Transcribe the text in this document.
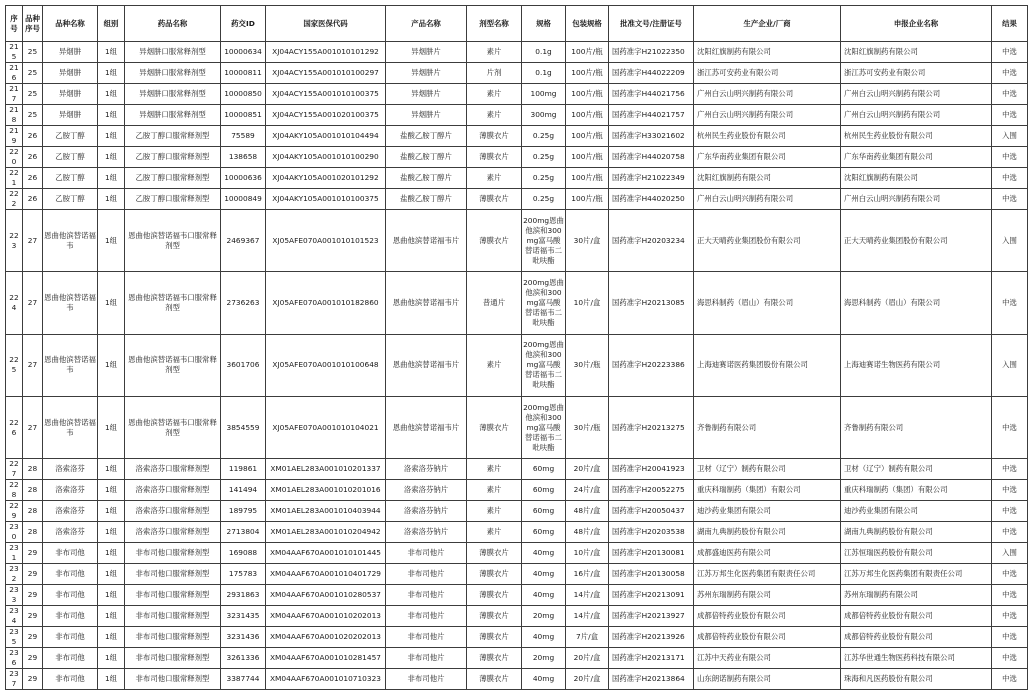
序号	品种序号	品种名称	组别	药品名称	药交ID	国家医保代码	产品名称	剂型名称	规格	包装规格	批准文号/注册证号	生产企业/厂商	申报企业名称	结果
215	25	异烟肼	1组	异烟肼口服常释剂型	10000634	XJ04ACY155A001010101292	异烟肼片	素片	0.1g	100片/瓶	国药准字H21022350	沈阳红旗制药有限公司	沈阳红旗制药有限公司	中选
216	25	异烟肼	1组	异烟肼口服常释剂型	10000811	XJ04ACY155A001010100297	异烟肼片	片剂	0.1g	100片/瓶	国药准字H44022209	浙江苏可安药业有限公司	浙江苏可安药业有限公司	中选
217	25	异烟肼	1组	异烟肼口服常释剂型	10000850	XJ04ACY155A001010100375	异烟肼片	素片	100mg	100片/瓶	国药准字H44021756	广州白云山明兴制药有限公司	广州白云山明兴制药有限公司	中选
218	25	异烟肼	1组	异烟肼口服常释剂型	10000851	XJ04ACY155A001020100375	异烟肼片	素片	300mg	100片/瓶	国药准字H44021757	广州白云山明兴制药有限公司	广州白云山明兴制药有限公司	中选
219	26	乙胺丁醇	1组	乙胺丁醇口服常释剂型	75589	XJ04AKY105A001010104494	盐酸乙胺丁醇片	薄膜衣片	0.25g	100片/瓶	国药准字H33021602	杭州民生药业股份有限公司	杭州民生药业股份有限公司	入围
220	26	乙胺丁醇	1组	乙胺丁醇口服常释剂型	138658	XJ04AKY105A001010100290	盐酸乙胺丁醇片	薄膜衣片	0.25g	100片/瓶	国药准字H44020758	广东华南药业集团有限公司	广东华南药业集团有限公司	中选
221	26	乙胺丁醇	1组	乙胺丁醇口服常释剂型	10000636	XJ04AKY105A001020101292	盐酸乙胺丁醇片	素片	0.25g	100片/瓶	国药准字H21022349	沈阳红旗制药有限公司	沈阳红旗制药有限公司	中选
222	26	乙胺丁醇	1组	乙胺丁醇口服常释剂型	10000849	XJ04AKY105A001010100375	盐酸乙胺丁醇片	薄膜衣片	0.25g	100片/瓶	国药准字H44020250	广州白云山明兴制药有限公司	广州白云山明兴制药有限公司	中选
223	27	恩曲他滨替诺福韦	1组	恩曲他滨替诺福韦口服常释剂型	2469367	XJ05AFE070A001010101523	恩曲他滨替诺福韦片	薄膜衣片	200mg恩曲他滨和300mg富马酸替诺福韦二吡呋酯	30片/盒	国药准字H20203234	正大天晴药业集团股份有限公司	正大天晴药业集团股份有限公司	入围
224	27	恩曲他滨替诺福韦	1组	恩曲他滨替诺福韦口服常释剂型	2736263	XJ05AFE070A001010182860	恩曲他滨替诺福韦片	普通片	200mg恩曲他滨和300mg富马酸替诺福韦二吡呋酯	10片/盒	国药准字H20213085	海思科制药（眉山）有限公司	海思科制药（眉山）有限公司	中选
225	27	恩曲他滨替诺福韦	1组	恩曲他滨替诺福韦口服常释剂型	3601706	XJ05AFE070A001010100648	恩曲他滨替诺福韦片	素片	200mg恩曲他滨和300mg富马酸替诺福韦二吡呋酯	30片/瓶	国药准字H20223386	上海迪赛诺医药集团股份有限公司	上海迪赛诺生物医药有限公司	入围
226	27	恩曲他滨替诺福韦	1组	恩曲他滨替诺福韦口服常释剂型	3854559	XJ05AFE070A001010104021	恩曲他滨替诺福韦片	薄膜衣片	200mg恩曲他滨和300mg富马酸替诺福韦二吡呋酯	30片/瓶	国药准字H20213275	齐鲁制药有限公司	齐鲁制药有限公司	中选
227	28	洛索洛芬	1组	洛索洛芬口服常释剂型	119861	XM01AEL283A001010201337	洛索洛芬钠片	素片	60mg	20片/盒	国药准字H20041923	卫材（辽宁）制药有限公司	卫材（辽宁）制药有限公司	中选
228	28	洛索洛芬	1组	洛索洛芬口服常释剂型	141494	XM01AEL283A001010201016	洛索洛芬钠片	素片	60mg	24片/盒	国药准字H20052275	重庆科瑞制药（集团）有限公司	重庆科瑞制药（集团）有限公司	中选
229	28	洛索洛芬	1组	洛索洛芬口服常释剂型	189795	XM01AEL283A001010403944	洛索洛芬钠片	素片	60mg	48片/盒	国药准字H20050437	迪沙药业集团有限公司	迪沙药业集团有限公司	中选
230	28	洛索洛芬	1组	洛索洛芬口服常释剂型	2713804	XM01AEL283A001010204942	洛索洛芬钠片	素片	60mg	48片/盒	国药准字H20203538	湖南九典制药股份有限公司	湖南九典制药股份有限公司	中选
231	29	非布司他	1组	非布司他口服常释剂型	169088	XM04AAF670A001010101445	非布司他片	薄膜衣片	40mg	10片/盒	国药准字H20130081	成都盛迪医药有限公司	江苏恒瑞医药股份有限公司	入围
232	29	非布司他	1组	非布司他口服常释剂型	175783	XM04AAF670A001010401729	非布司他片	薄膜衣片	40mg	16片/盒	国药准字H20130058	江苏万邦生化医药集团有限责任公司	江苏万邦生化医药集团有限责任公司	中选
233	29	非布司他	1组	非布司他口服常释剂型	2931863	XM04AAF670A001010280537	非布司他片	薄膜衣片	40mg	14片/盒	国药准字H20213091	苏州东瑞制药有限公司	苏州东瑞制药有限公司	中选
234	29	非布司他	1组	非布司他口服常释剂型	3231435	XM04AAF670A001010202013	非布司他片	薄膜衣片	20mg	14片/盒	国药准字H20213927	成都倍特药业股份有限公司	成都倍特药业股份有限公司	中选
235	29	非布司他	1组	非布司他口服常释剂型	3231436	XM04AAF670A001020202013	非布司他片	薄膜衣片	40mg	7片/盒	国药准字H20213926	成都倍特药业股份有限公司	成都倍特药业股份有限公司	中选
236	29	非布司他	1组	非布司他口服常释剂型	3261336	XM04AAF670A001010281457	非布司他片	薄膜衣片	20mg	20片/盒	国药准字H20213171	江苏中天药业有限公司	江苏华世通生物医药科技有限公司	中选
237	29	非布司他	1组	非布司他口服常释剂型	3387744	XM04AAF670A001010710323	非布司他片	薄膜衣片	40mg	20片/盒	国药准字H20213864	山东朗诺制药有限公司	珠海和凡医药股份有限公司	中选
